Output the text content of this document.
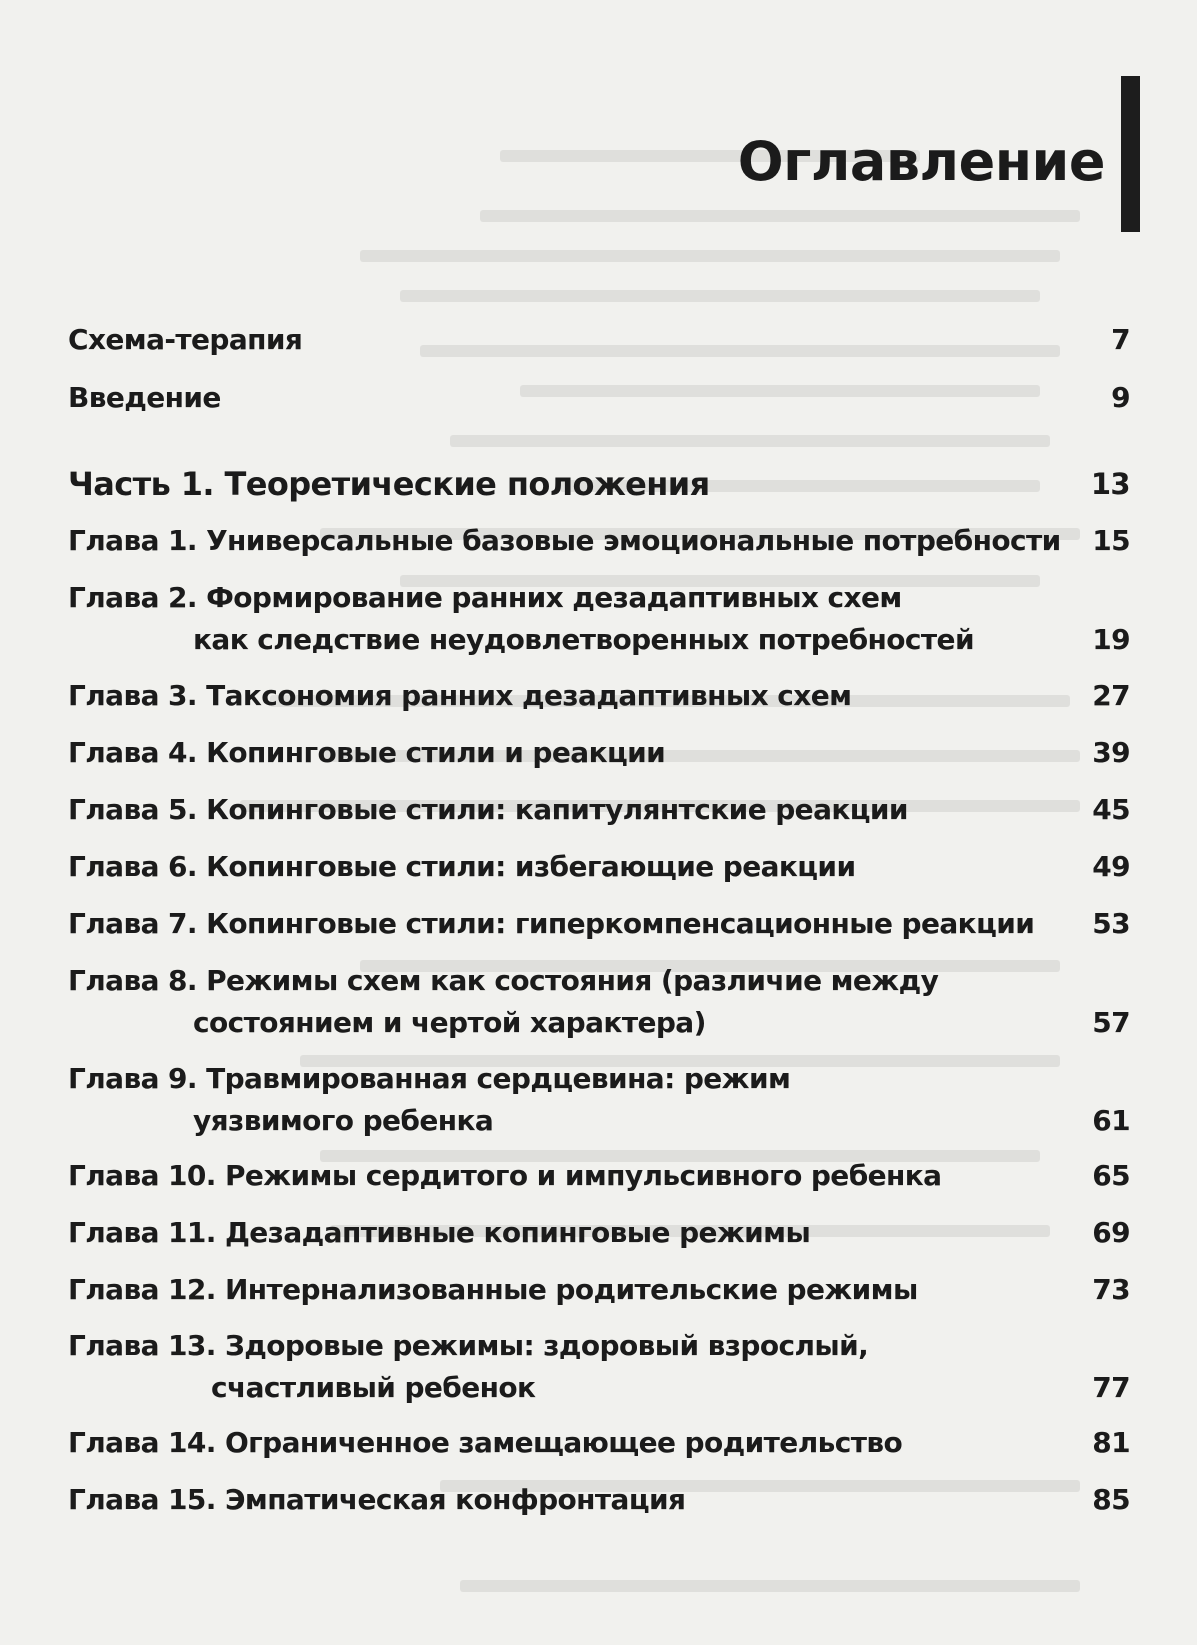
Оглавление
Схема-терапия	7
Введение	9
Часть 1. Теоретические положения	13
Глава 1. Универсальные базовые эмоциональные потребности 15
Глава 2. Формирование ранних дезадаптивных схем
как следствие неудовлетворенных потребностей	19
Глава 3. Таксономия ранних дезадаптивных схем	27
Глава 4. Копинговые стили и реакции	39
Глава 5. Копинговые стили: капитулянтские реакции	45
Глава 6. Копинговые стили: избегающие реакции	49
Глава 7. Копинговые стили: гиперкомпенсационные реакции 53
Глава 8. Режимы схем как состояния (различие между
состоянием и чертой характера)	57
Глава 9. Травмированная сердцевина: режим
уязвимого ребенка	61
Глава 10. Режимы сердитого и импульсивного ребенка	65
Глава 11. Дезадаптивные копинговые режимы	69
Глава 12. Интернализованные родительские режимы	73
Глава 13. Здоровые режимы: здоровый взрослый,
счастливый ребенок	77
Глава 14. Ограниченное замещающее родительство	81
Глава 15. Эмпатическая конфронтация	85
